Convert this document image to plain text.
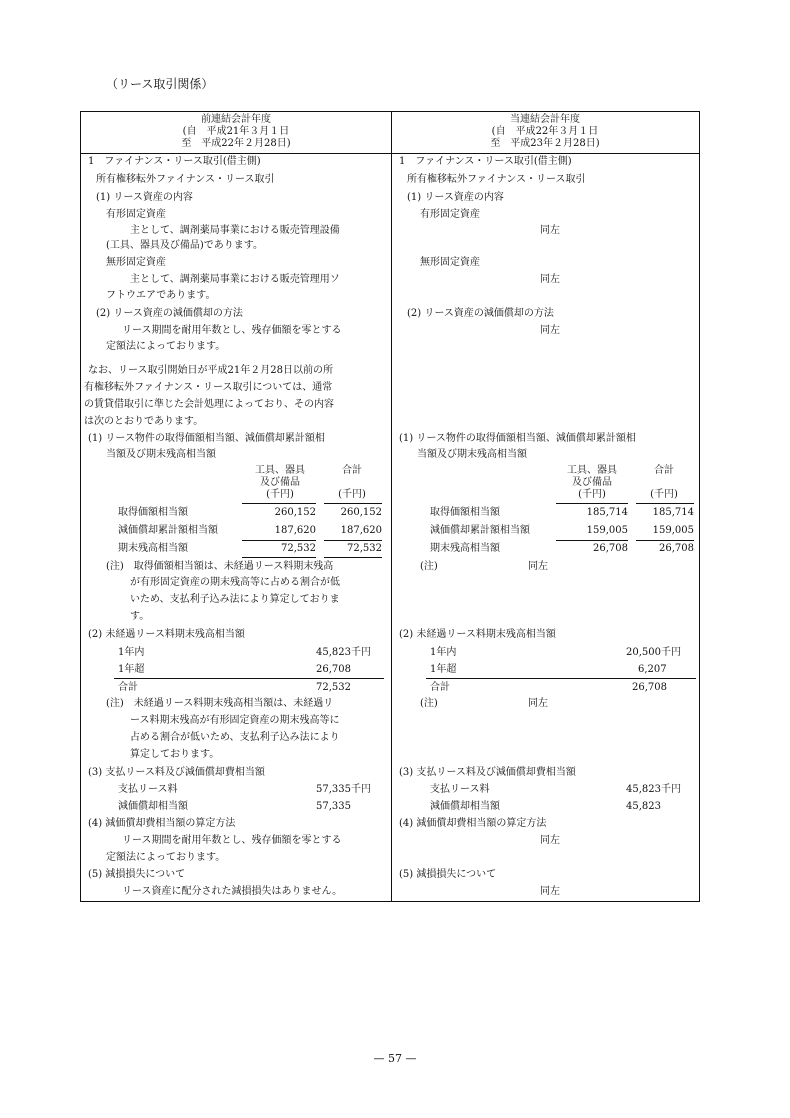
（リース取引関係）
前連結会計年度
(自　平成21年３月１日
至　平成22年２月28日)
1　ファイナンス・リース取引(借主側)
所有権移転外ファイナンス・リース取引
(1) リース資産の内容
有形固定資産
主として、調剤薬局事業における販売管理設備
(工具、器具及び備品)であります。
無形固定資産
主として、調剤薬局事業における販売管理用ソ
フトウエアであります。
(2) リース資産の減価償却の方法
リース期間を耐用年数とし、残存価額を零とする
定額法によっております。
なお、リース取引開始日が平成21年２月28日以前の所
有権移転外ファイナンス・リース取引については、通常
の賃貸借取引に準じた会計処理によっており、その内容
は次のとおりであります。
(1) リース物件の取得価額相当額、減価償却累計額相
当額及び期末残高相当額
工具、器具
及び備品
(千円)
合計
(千円)
取得価額相当額	260,152	260,152
減価償却累計額相当額	187,620	187,620
期末残高相当額	72,532	72,532
(注)　取得価額相当額は、未経過リース料期末残高
が有形固定資産の期末残高等に占める割合が低
いため、支払利子込み法により算定しておりま
す。
(2) 未経過リース料期末残高相当額
1年内	45,823千円
1年超	26,708
合計	72,532
(注)　未経過リース料期末残高相当額は、未経過リ
ース料期末残高が有形固定資産の期末残高等に
占める割合が低いため、支払利子込み法により
算定しております。
(3) 支払リース料及び減価償却費相当額
支払リース料	57,335千円
減価償却相当額	57,335
(4) 減価償却費相当額の算定方法
リース期間を耐用年数とし、残存価額を零とする
定額法によっております。
(5) 減損損失について
リース資産に配分された減損損失はありません。
当連結会計年度
(自　平成22年３月１日
至　平成23年２月28日)
1　ファイナンス・リース取引(借主側)
所有権移転外ファイナンス・リース取引
(1) リース資産の内容
有形固定資産
同左
無形固定資産
同左
(2) リース資産の減価償却の方法
同左
(1) リース物件の取得価額相当額、減価償却累計額相
当額及び期末残高相当額
工具、器具
及び備品
(千円)
合計
(千円)
取得価額相当額	185,714	185,714
減価償却累計額相当額	159,005	159,005
期末残高相当額	26,708	26,708
(注)	同左
(2) 未経過リース料期末残高相当額
1年内	20,500千円
1年超	6,207
合計	26,708
(注)	同左
(3) 支払リース料及び減価償却費相当額
支払リース料	45,823千円
減価償却相当額	45,823
(4) 減価償却費相当額の算定方法
同左
(5) 減損損失について
同左
— 57 —
